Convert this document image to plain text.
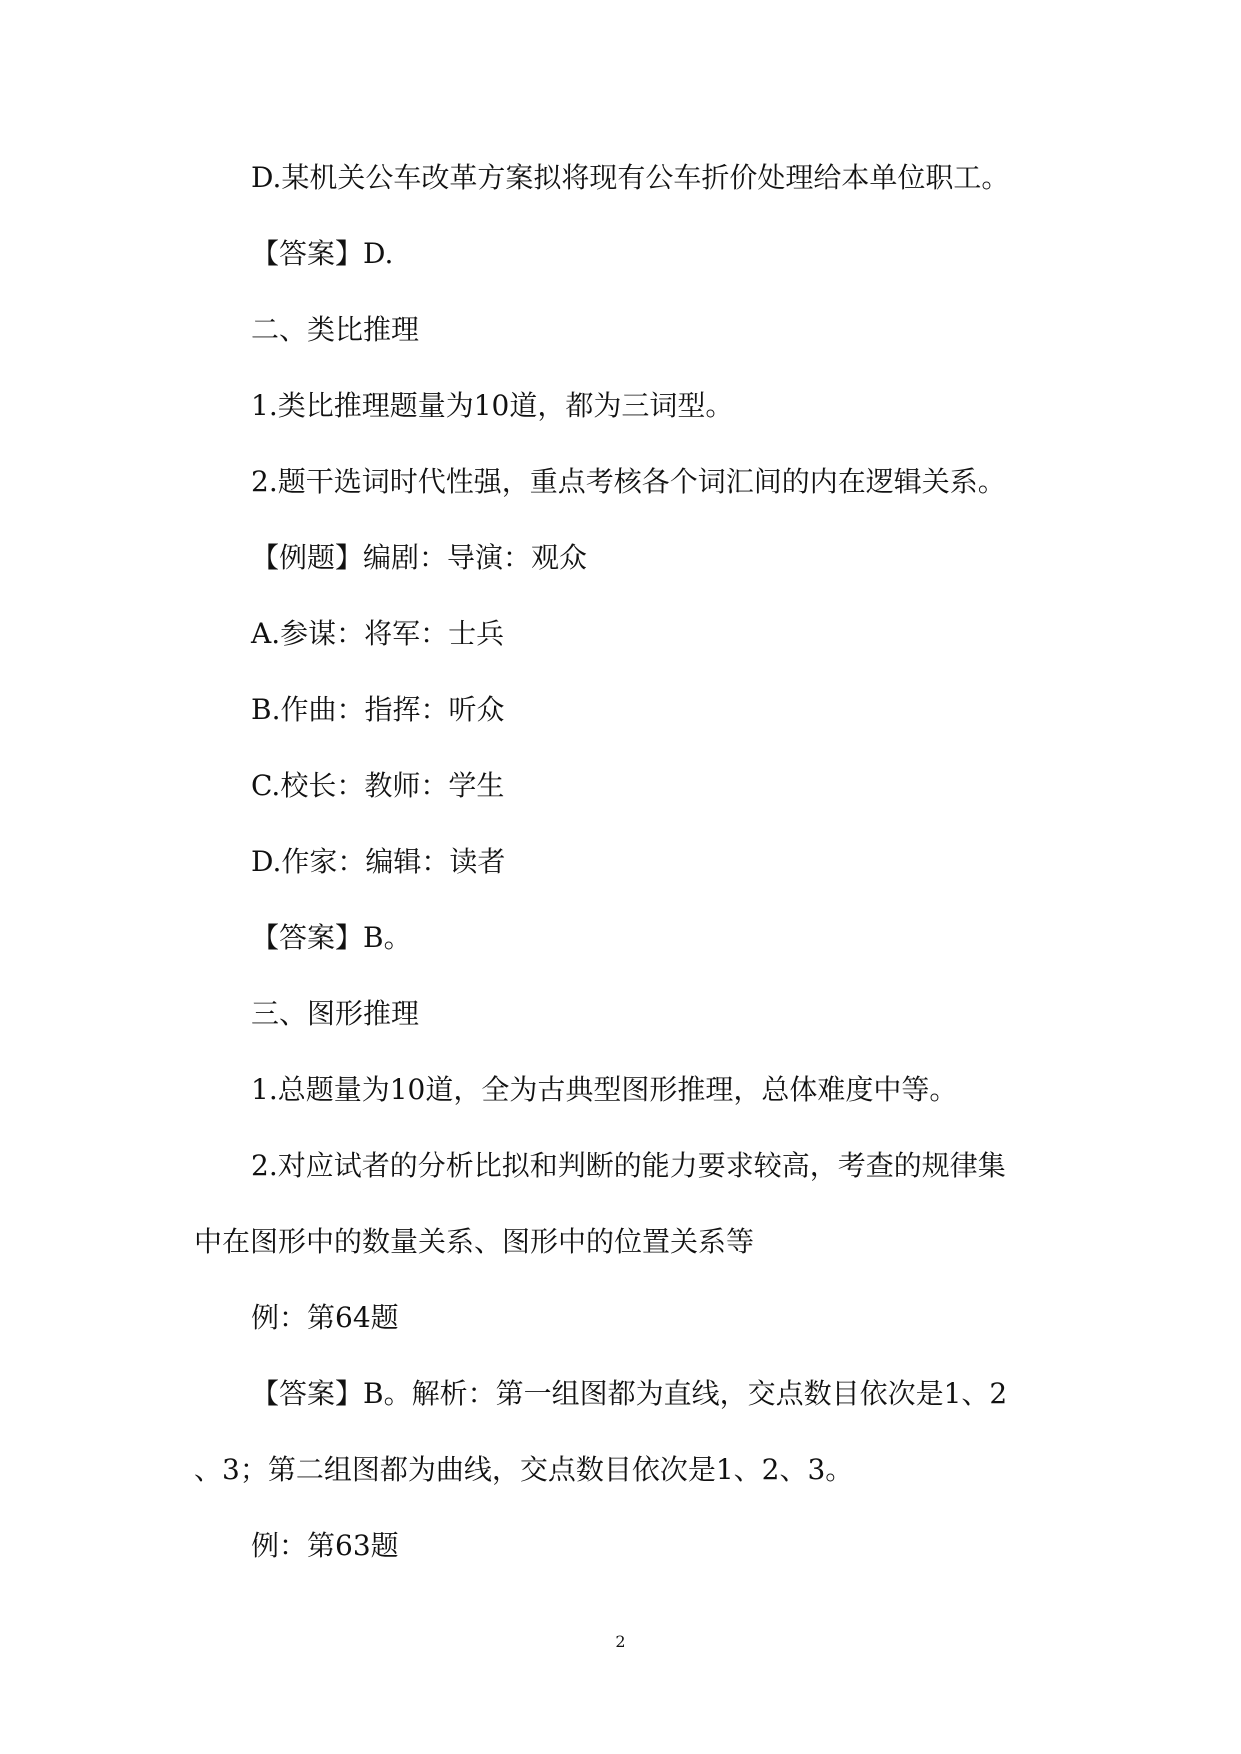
D.某机关公车改革方案拟将现有公车折价处理给本单位职工。

【答案】D.

二、类比推理

1.类比推理题量为10道，都为三词型。

2.题干选词时代性强，重点考核各个词汇间的内在逻辑关系。

【例题】编剧：导演：观众

A.参谋：将军：士兵

B.作曲：指挥：听众

C.校长：教师：学生

D.作家：编辑：读者

【答案】B。

三、图形推理

1.总题量为10道，全为古典型图形推理，总体难度中等。

2.对应试者的分析比拟和判断的能力要求较高，考查的规律集

中在图形中的数量关系、图形中的位置关系等

例：第64题

【答案】B。解析：第一组图都为直线，交点数目依次是1、2

、3；第二组图都为曲线，交点数目依次是1、2、3。

例：第63题

2
